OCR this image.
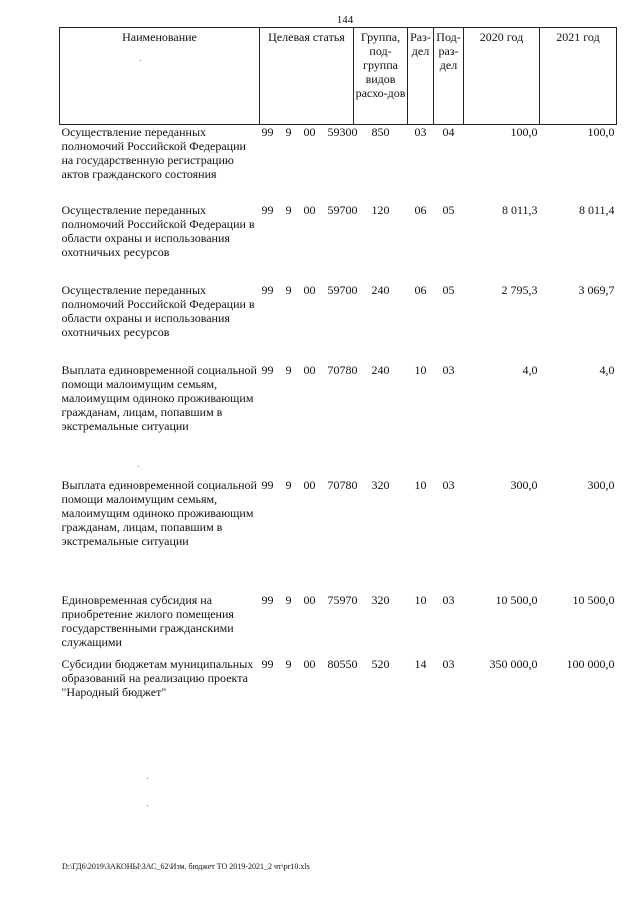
144
Наименование	Целевая статья	Группа, под-группа видов расхо-дов	Раз-дел	Под-раз-дел	2020 год	2021 год
Осуществление переданных полномочий Российской Федерации на государственную регистрацию актов гражданского состояния	99 9 00 59300	850	03	04	100,0	100,0
Осуществление переданных полномочий Российской Федерации в области охраны и использования охотничьих ресурсов	99 9 00 59700	120	06	05	8 011,3	8 011,4
Осуществление переданных полномочий Российской Федерации в области охраны и использования охотничьих ресурсов	99 9 00 59700	240	06	05	2 795,3	3 069,7
Выплата единовременной социальной помощи малоимущим семьям, малоимущим одиноко проживающим гражданам, лицам, попавшим в экстремальные ситуации	99 9 00 70780	240	10	03	4,0	4,0
Выплата единовременной социальной помощи малоимущим семьям, малоимущим одиноко проживающим гражданам, лицам, попавшим в экстремальные ситуации	99 9 00 70780	320	10	03	300,0	300,0
Единовременная субсидия на приобретение жилого помещения государственными гражданскими служащими	99 9 00 75970	320	10	03	10 500,0	10 500,0
Субсидии бюджетам муниципальных образований на реализацию проекта "Народный бюджет"	99 9 00 80550	520	14	03	350 000,0	100 000,0
D:\ГД6\2019\ЗАКОНЫ\ЗАС_62\Изм. бюджет ТО 2019-2021_2 чт\pr10.xls
